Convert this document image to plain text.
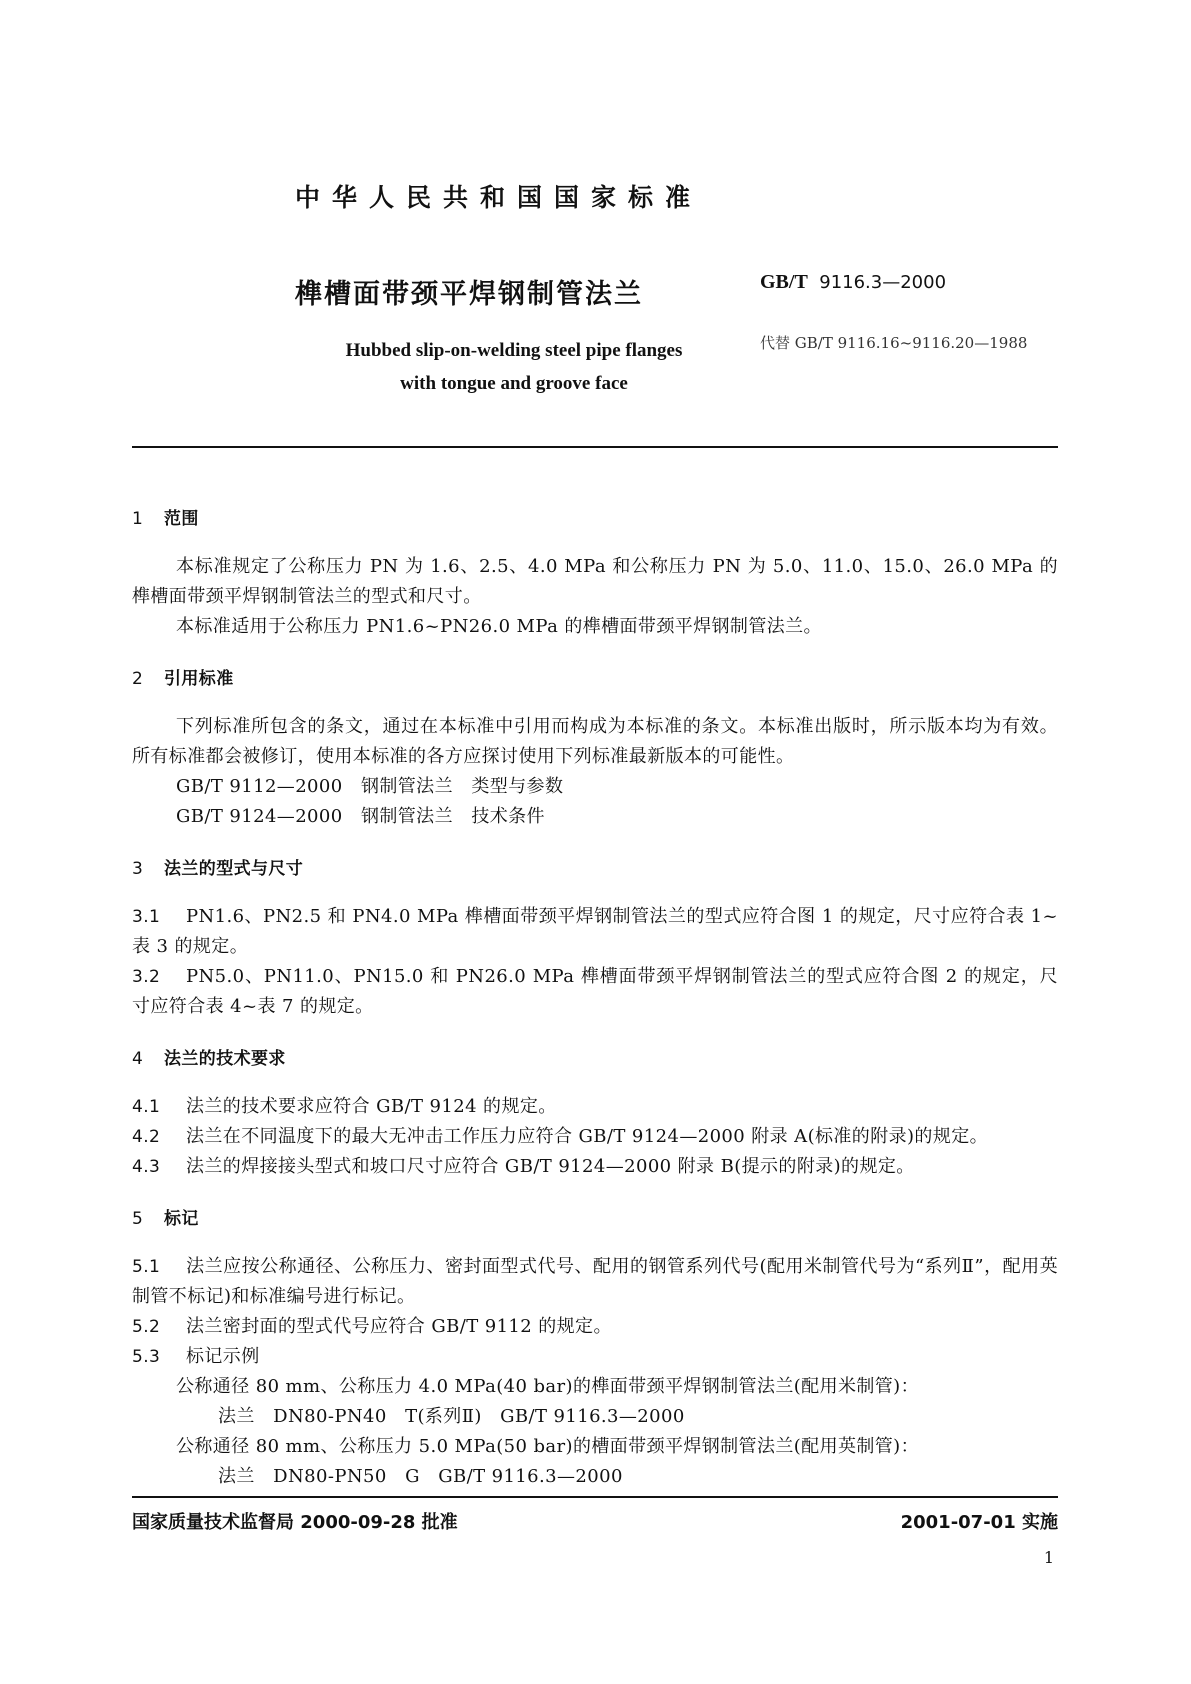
中华人民共和国国家标准
榫槽面带颈平焊钢制管法兰	GB/T 9116.3—2000
代替 GB/T 9116.16~9116.20—1988
Hubbed slip-on-welding steel pipe flanges
with tongue and groove face
1 范围

本标准规定了公称压力 PN 为 1.6、2.5、4.0 MPa 和公称压力 PN 为 5.0、11.0、15.0、26.0 MPa 的榫槽面带颈平焊钢制管法兰的型式和尺寸。

本标准适用于公称压力 PN1.6~PN26.0 MPa 的榫槽面带颈平焊钢制管法兰。

2 引用标准

下列标准所包含的条文，通过在本标准中引用而构成为本标准的条文。本标准出版时，所示版本均为有效。所有标准都会被修订，使用本标准的各方应探讨使用下列标准最新版本的可能性。

GB/T 9112—2000   钢制管法兰   类型与参数
GB/T 9124—2000   钢制管法兰   技术条件
3 法兰的型式与尺寸

3.1 PN1.6、PN2.5 和 PN4.0 MPa 榫槽面带颈平焊钢制管法兰的型式应符合图 1 的规定，尺寸应符合表 1~表 3 的规定。

3.2 PN5.0、PN11.0、PN15.0 和 PN26.0 MPa 榫槽面带颈平焊钢制管法兰的型式应符合图 2 的规定，尺寸应符合表 4~表 7 的规定。

4 法兰的技术要求

4.1 法兰的技术要求应符合 GB/T 9124 的规定。

4.2 法兰在不同温度下的最大无冲击工作压力应符合 GB/T 9124—2000 附录 A(标准的附录)的规定。

4.3 法兰的焊接接头型式和坡口尺寸应符合 GB/T 9124—2000 附录 B(提示的附录)的规定。

5 标记

5.1 法兰应按公称通径、公称压力、密封面型式代号、配用的钢管系列代号(配用米制管代号为“系列Ⅱ”，配用英制管不标记)和标准编号进行标记。

5.2 法兰密封面的型式代号应符合 GB/T 9112 的规定。

5.3 标记示例

公称通径 80 mm、公称压力 4.0 MPa(40 bar)的榫面带颈平焊钢制管法兰(配用米制管)：
法兰   DN80-PN40   T(系列Ⅱ)   GB/T 9116.3—2000
公称通径 80 mm、公称压力 5.0 MPa(50 bar)的槽面带颈平焊钢制管法兰(配用英制管)：
法兰   DN80-PN50   G   GB/T 9116.3—2000
国家质量技术监督局 2000-09-28 批准	2001-07-01 实施
1
